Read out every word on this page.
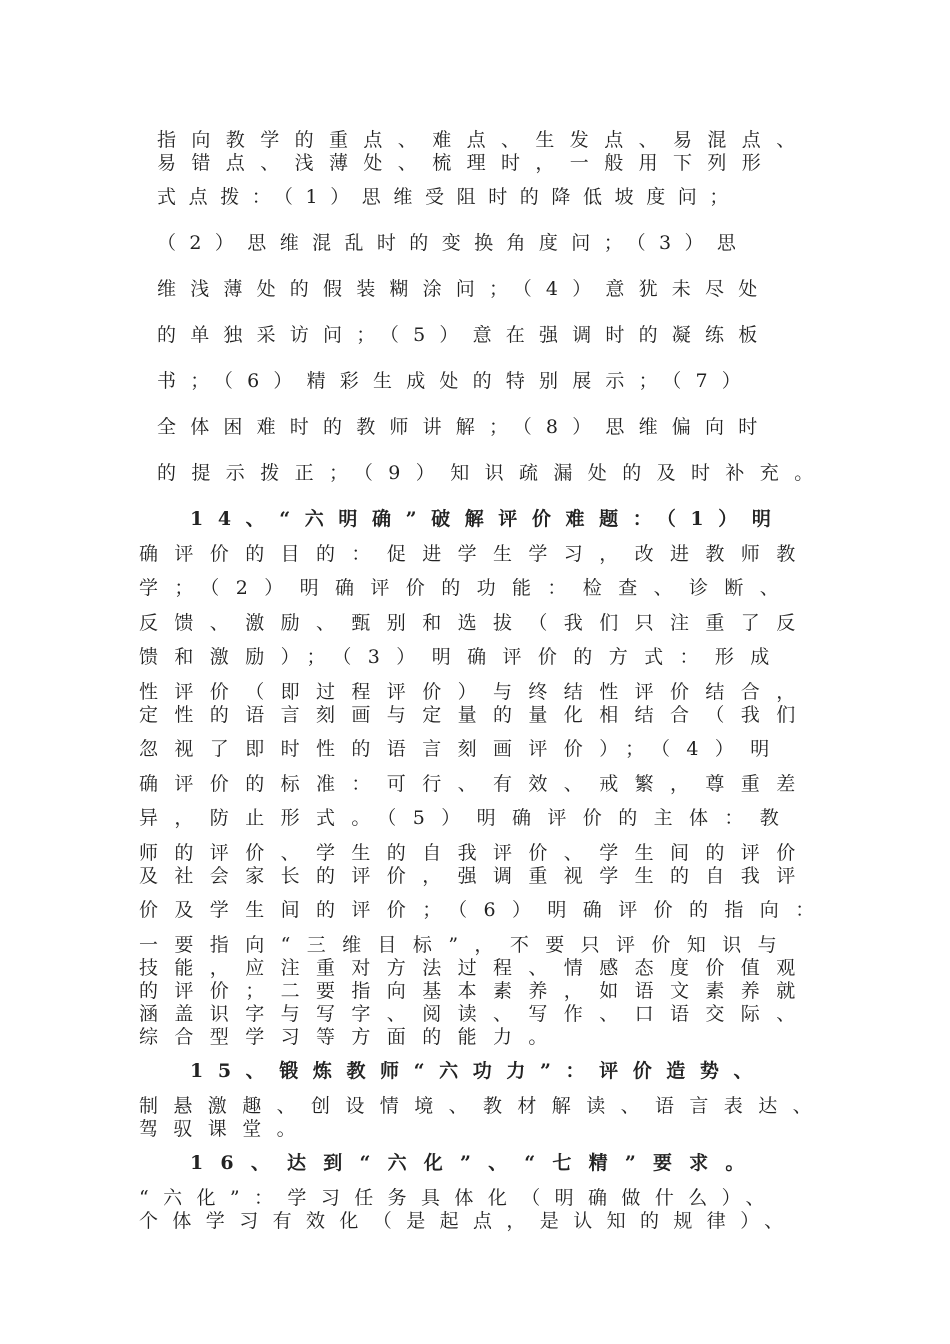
指向教学的重点、难点、生发点、易混点、
易错点、浅薄处、梳理时，一般用下列形
式点拨：（1）思维受阻时的降低坡度问；
（2）思维混乱时的变换角度问；（3）思
维浅薄处的假装糊涂问；（4）意犹未尽处
的单独采访问；（5）意在强调时的凝练板
书；（6）精彩生成处的特别展示；（7）
全体困难时的教师讲解；（8）思维偏向时
的提示拨正；（9）知识疏漏处的及时补充。
14、“六明确”破解评价难题：（1）明
确评价的目的：促进学生学习，改进教师教
学；（2）明确评价的功能：检查、诊断、
反馈、激励、甄别和选拔（我们只注重了反
馈和激励）；（3）明确评价的方式：形成
性评价（即过程评价）与终结性评价结合，
定性的语言刻画与定量的量化相结合（我们
忽视了即时性的语言刻画评价）；（4）明
确评价的标准：可行、有效、戒繁，尊重差
异，防止形式。（5）明确评价的主体：教
师的评价、学生的自我评价、学生间的评价
及社会家长的评价，强调重视学生的自我评
价及学生间的评价；（6）明确评价的指向：
一要指向“三维目标”，不要只评价知识与
技能，应注重对方法过程、情感态度价值观
的评价；二要指向基本素养，如语文素养就
涵盖识字与写字、阅读、写作、口语交际、
综合型学习等方面的能力。
15、锻炼教师“六功力”：评价造势、
制悬激趣、创设情境、教材解读、语言表达、
驾驭课堂。
16、达到“六化”、“七精”要求。
“六化”：学习任务具体化（明确做什么）、
个体学习有效化（是起点，是认知的规律）、
